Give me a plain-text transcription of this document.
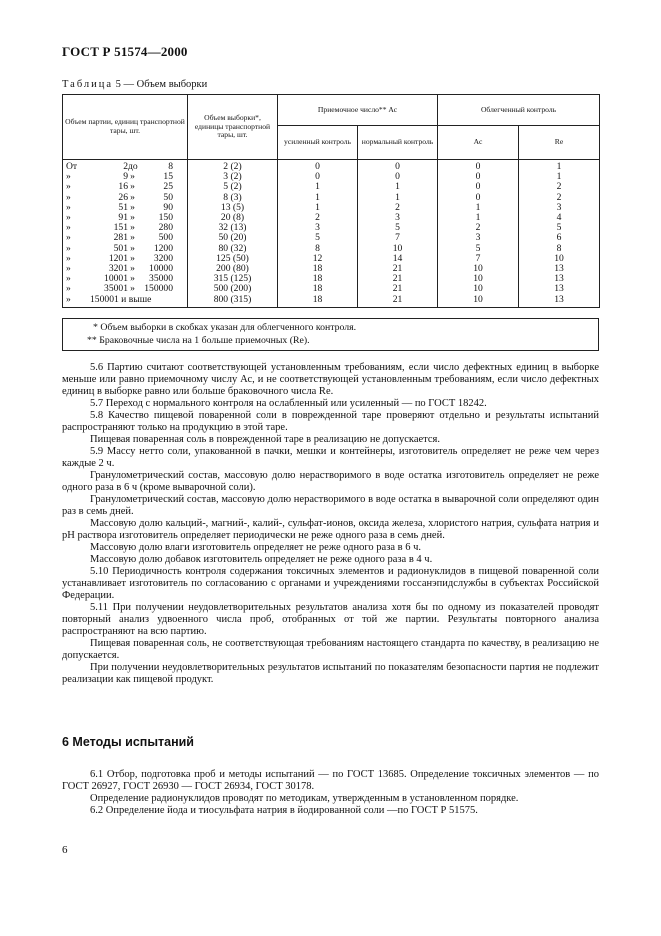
ГОСТ Р 51574—2000
Таблица 5 — Объем выборки
Объем партии, единиц транспортной тары, шт.	Объем выборки*, единицы транспортной тары, шт.	Приемочное число** Ас		Облегченный контроль	
		усиленный контроль	нормальный контроль	Ас	Re
От 2до 8	2 (2)	0	0	0	1
» 9 » 15	3 (2)	0	0	0	1
» 16 » 25	5 (2)	1	1	0	2
» 26 » 50	8 (3)	1	1	0	2
» 51 » 90	13 (5)	1	2	1	3
» 91 » 150	20 (8)	2	3	1	4
» 151 » 280	32 (13)	3	5	2	5
» 281 » 500	50 (20)	5	7	3	6
» 501 » 1200	80 (32)	8	10	5	8
» 1201 » 3200	125 (50)	12	14	7	10
» 3201 » 10000	200 (80)	18	21	10	13
» 10001 » 35000	315 (125)	18	21	10	13
» 35001 » 150000	500 (200)	18	21	10	13
» 150001 и выше	800 (315)	18	21	10	13
* Объем выборки в скобках указан для облегченного контроля.
** Браковочные числа на 1 больше приемочных (Re).

5.6 Партию считают соответствующей установленным требованиям, если число дефектных единиц в выборке меньше или равно приемочному числу Ас, и не соответствующей установленным требованиям, если число дефектных единиц в выборке равно или больше браковочного числа Re.

5.7 Переход с нормального контроля на ослабленный или усиленный — по ГОСТ 18242.

5.8 Качество пищевой поваренной соли в поврежденной таре проверяют отдельно и результаты испытаний распространяют только на продукцию в этой таре.

Пищевая поваренная соль в поврежденной таре в реализацию не допускается.

5.9 Массу нетто соли, упакованной в пачки, мешки и контейнеры, изготовитель определяет не реже чем через каждые 2 ч.

Гранулометрический состав, массовую долю нерастворимого в воде остатка изготовитель определяет не реже одного раза в 6 ч (кроме выварочной соли).

Гранулометрический состав, массовую долю нерастворимого в воде остатка в выварочной соли определяют один раз в семь дней.

Массовую долю кальций-, магний-, калий-, сульфат-ионов, оксида железа, хлористого натрия, сульфата натрия и pH раствора изготовитель определяет периодически не реже одного раза в семь дней.

Массовую долю влаги изготовитель определяет не реже одного раза в 6 ч.

Массовую долю добавок изготовитель определяет не реже одного раза в 4 ч.

5.10 Периодичность контроля содержания токсичных элементов и радионуклидов в пищевой поваренной соли устанавливает изготовитель по согласованию с органами и учреждениями госсанэпидслужбы в субъектах Российской Федерации.

5.11 При получении неудовлетворительных результатов анализа хотя бы по одному из показателей проводят повторный анализ удвоенного числа проб, отобранных от той же партии. Результаты повторного анализа распространяют на всю партию.

Пищевая поваренная соль, не соответствующая требованиям настоящего стандарта по качеству, в реализацию не допускается.

При получении неудовлетворительных результатов испытаний по показателям безопасности партия не подлежит реализации как пищевой продукт.

6 Методы испытаний

6.1 Отбор, подготовка проб и методы испытаний — по ГОСТ 13685. Определение токсичных элементов — по ГОСТ 26927, ГОСТ 26930 — ГОСТ 26934, ГОСТ 30178.

Определение радионуклидов проводят по методикам, утвержденным в установленном порядке.

6.2 Определение йода и тиосульфата натрия в йодированной соли —по ГОСТ Р 51575.

6
